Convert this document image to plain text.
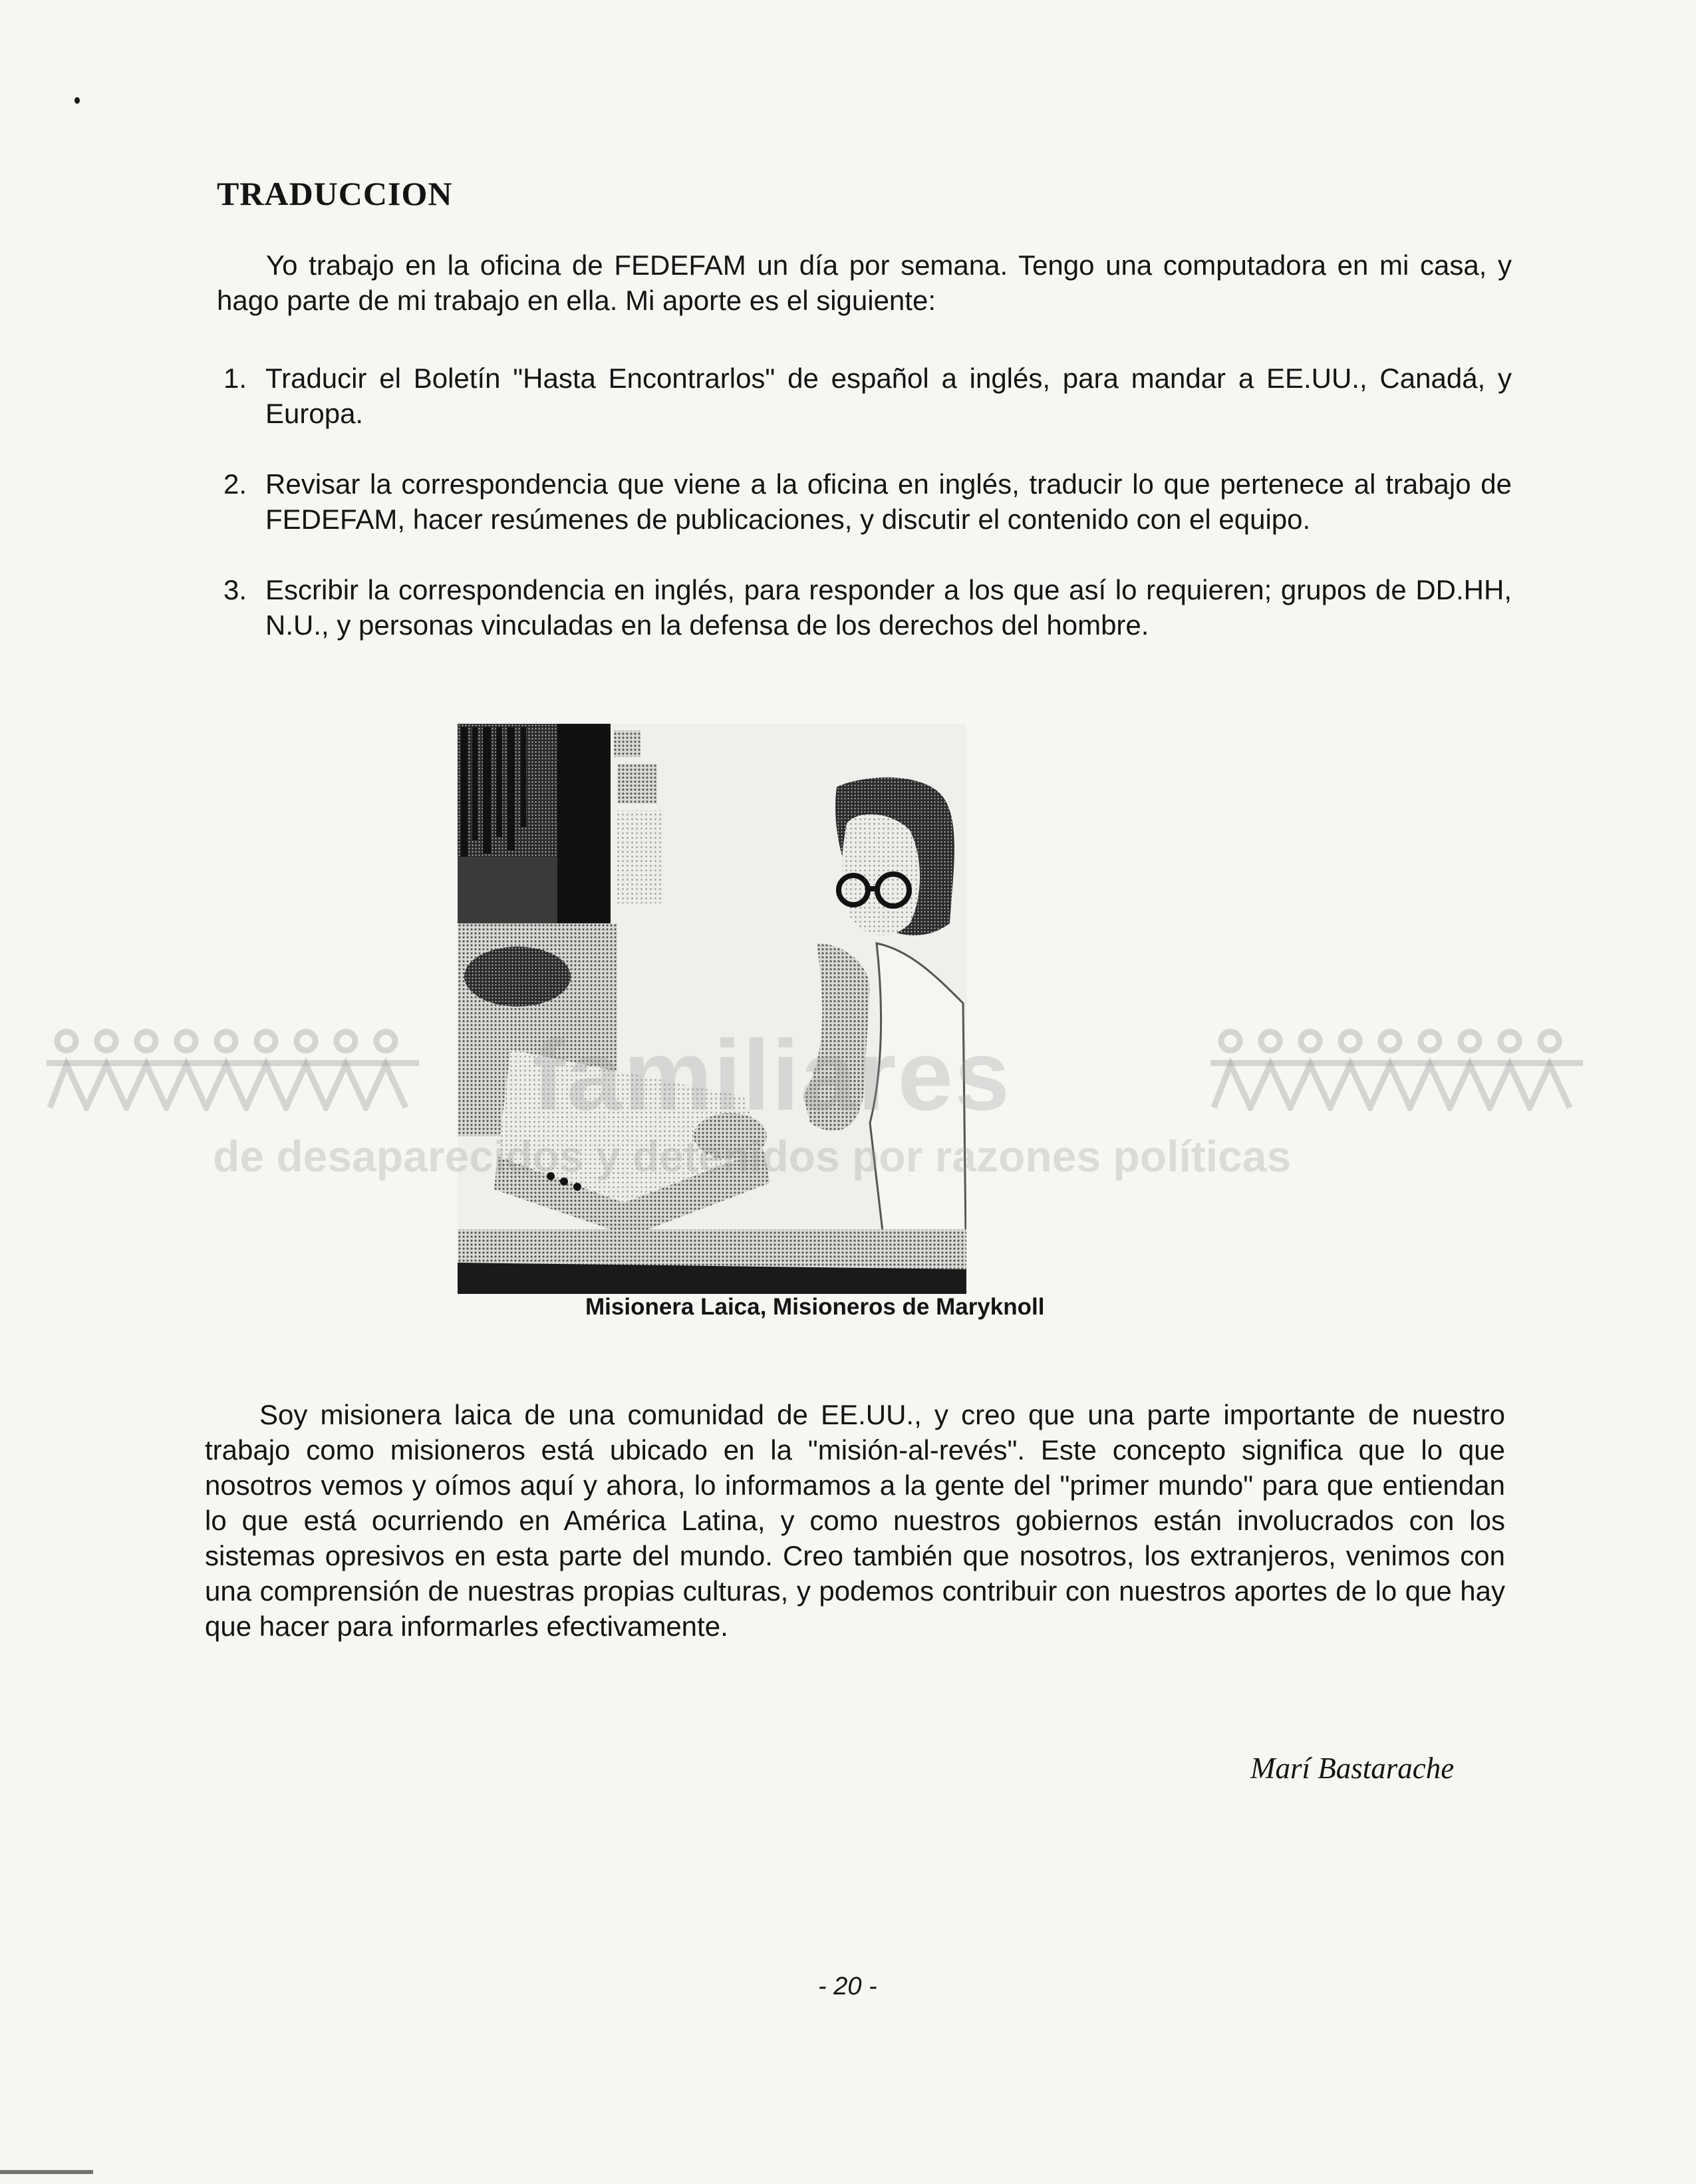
TRADUCCION

Yo trabajo en la oficina de FEDEFAM un día por semana. Tengo una computadora en mi casa, y hago parte de mi trabajo en ella. Mi aporte es el siguiente:

1. Traducir el Boletín "Hasta Encontrarlos" de español a inglés, para mandar a EE.UU., Canadá, y Europa.
2. Revisar la correspondencia que viene a la oficina en inglés, traducir lo que pertenece al trabajo de FEDEFAM, hacer resúmenes de publicaciones, y discutir el contenido con el equipo.
3. Escribir la correspondencia en inglés, para responder a los que así lo requieren; grupos de DD.HH, N.U., y personas vinculadas en la defensa de los derechos del hombre.
Misionera Laica, Misioneros de Maryknoll
familiares
de desaparecidos y detenidos por razones políticas

Soy misionera laica de una comunidad de EE.UU., y creo que una parte importante de nuestro trabajo como misioneros está ubicado en la "misión-al-revés". Este concepto significa que lo que nosotros vemos y oímos aquí y ahora, lo informamos a la gente del "primer mundo" para que entiendan lo que está ocurriendo en América Latina, y como nuestros gobiernos están involucrados con los sistemas opresivos en esta parte del mundo. Creo también que nosotros, los extranjeros, venimos con una comprensión de nuestras propias culturas, y podemos contribuir con nuestros aportes de lo que hay que hacer para informarles efectivamente.

Marí Bastarache
- 20 -
